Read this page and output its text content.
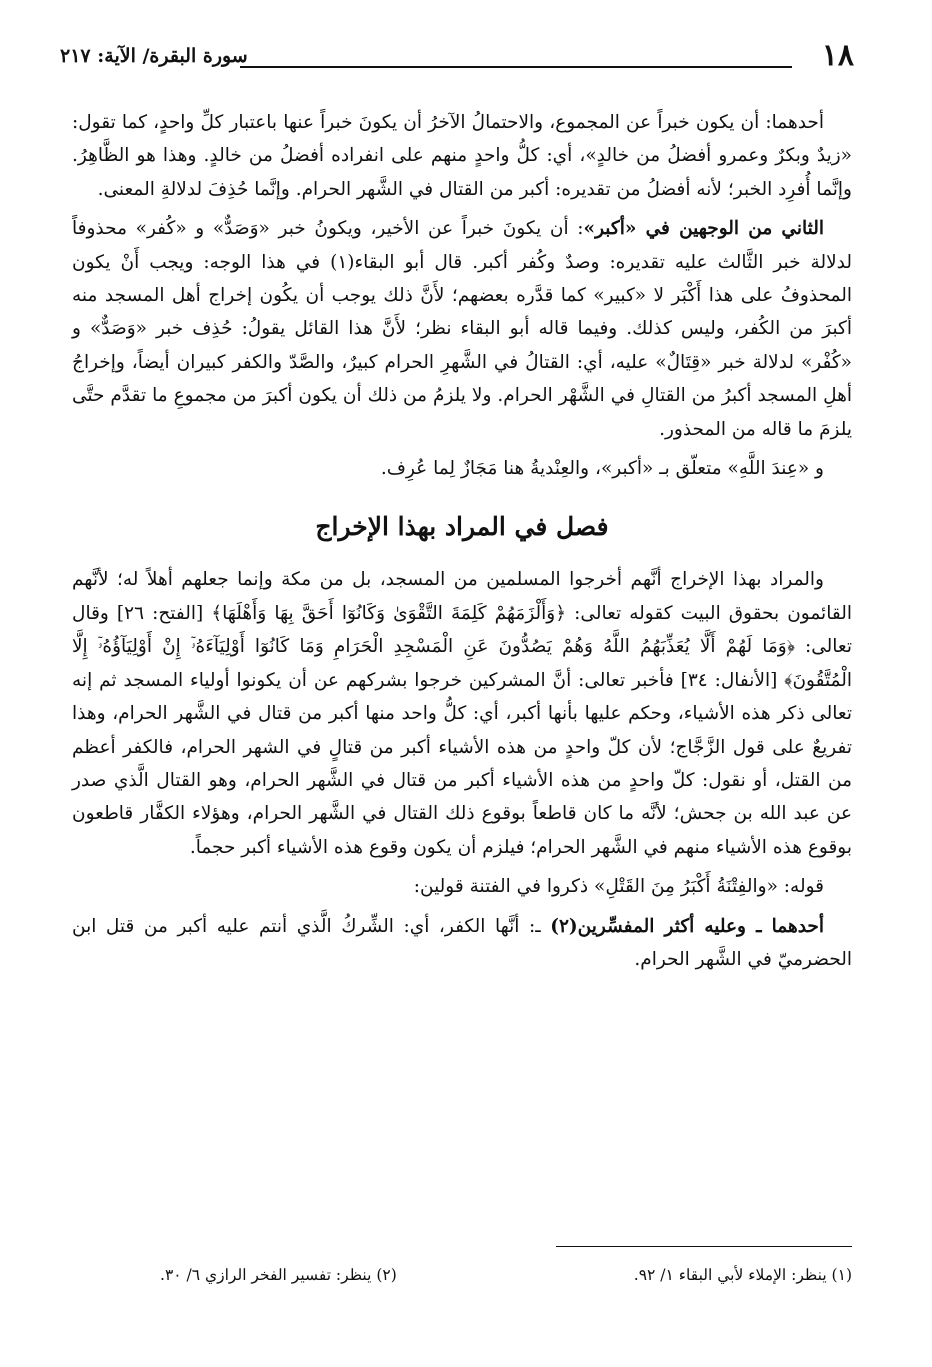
١٨
سورة البقرة/ الآية: ٢١٧

أحدهما: أن يكون خبراً عن المجموع، والاحتمالُ الآخرُ أن يكونَ خبراً عنها باعتبار كلِّ واحدٍ، كما تقول: «زيدٌ وبكرٌ وعمرو أفضلُ من خالدٍ»، أي: كلُّ واحدٍ منهم على انفراده أفضلُ من خالدٍ. وهذا هو الظَّاهِرُ. وإنَّما أُفرِد الخبر؛ لأنه أفضلُ من تقديره: أكبر من القتال في الشَّهر الحرام. وإنَّما حُذِفَ لدلالةِ المعنى.

الثاني من الوجهين في «أكبر»: أن يكونَ خبراً عن الأخير، ويكونُ خبر «وَصَدٌّ» و «كُفر» محذوفاً لدلالة خبر الثَّالث عليه تقديره: وصدٌ وكُفر أكبر. قال أبو البقاء(١) في هذا الوجه: ويجب أَنْ يكون المحذوفُ على هذا أَكْبَر لا «كبير» كما قدَّره بعضهم؛ لأَنَّ ذلك يوجب أن يكُون إخراج أهل المسجد منه أكبرَ من الكُفر، وليس كذلك. وفيما قاله أبو البقاء نظر؛ لأَنَّ هذا القائل يقولُ: حُذِف خبر «وَصَدٌّ» و «كُفْر» لدلالة خبر «قِتَالٌ» عليه، أي: القتالُ في الشَّهرِ الحرام كبيرٌ، والصَّدّ والكفر كبيران أيضاً، وإخراجُ أهلِ المسجد أكبرُ من القتالِ في الشَّهْر الحرام. ولا يلزمُ من ذلك أن يكون أكبرَ من مجموعِ ما تقدَّم حتَّى يلزمَ ما قاله من المحذور.

و «عِندَ اللَّهِ» متعلّق بـ «أكبر»، والعِنْديةُ هنا مَجَازٌ لِما عُرِف.

فصل في المراد بهذا الإخراج

والمراد بهذا الإخراج أنَّهم أخرجوا المسلمين من المسجد، بل من مكة وإنما جعلهم أهلاً له؛ لأنَّهم القائمون بحقوق البيت كقوله تعالى: ﴿وَأَلْزَمَهُمْ كَلِمَةَ التَّقْوَىٰ وَكَانُوٓا أَحَقَّ بِهَا وَأَهْلَهَا﴾ [الفتح: ٢٦] وقال تعالى: ﴿وَمَا لَهُمْ أَلَّا يُعَذِّبَهُمُ اللَّهُ وَهُمْ يَصُدُّونَ عَنِ الْمَسْجِدِ الْحَرَامِ وَمَا كَانُوٓا أَوْلِيَآءَهُۥٓ إِنْ أَوْلِيَآؤُهُۥٓ إِلَّا الْمُتَّقُونَ﴾ [الأنفال: ٣٤] فأخبر تعالى: أنَّ المشركين خرجوا بشركهم عن أن يكونوا أولياء المسجد ثم إنه تعالى ذكر هذه الأشياء، وحكم عليها بأنها أكبر، أي: كلُّ واحد منها أكبر من قتال في الشَّهر الحرام، وهذا تفريعٌ على قول الزَّجَّاج؛ لأن كلّ واحدٍ من هذه الأشياء أكبر من قتالٍ في الشهر الحرام، فالكفر أعظم من القتل، أو نقول: كلّ واحدٍ من هذه الأشياء أكبر من قتال في الشَّهر الحرام، وهو القتال الَّذي صدر عن عبد الله بن جحش؛ لأنَّه ما كان قاطعاً بوقوع ذلك القتال في الشَّهر الحرام، وهؤلاء الكفَّار قاطعون بوقوع هذه الأشياء منهم في الشَّهر الحرام؛ فيلزم أن يكون وقوع هذه الأشياء أكبر حجماً.

قوله: «والفِتْنَةُ أَكْبَرُ مِنَ القَتْلِ» ذكروا في الفتنة قولين:

أحدهما ـ وعليه أكثر المفسِّرين(٢) ـ: أنَّها الكفر، أي: الشِّركُ الَّذي أنتم عليه أكبر من قتل ابن الحضرميّ في الشَّهر الحرام.

(١) ينظر: الإملاء لأبي البقاء ١/ ٩٢.
(٢) ينظر: تفسير الفخر الرازي ٦/ ٣٠.
